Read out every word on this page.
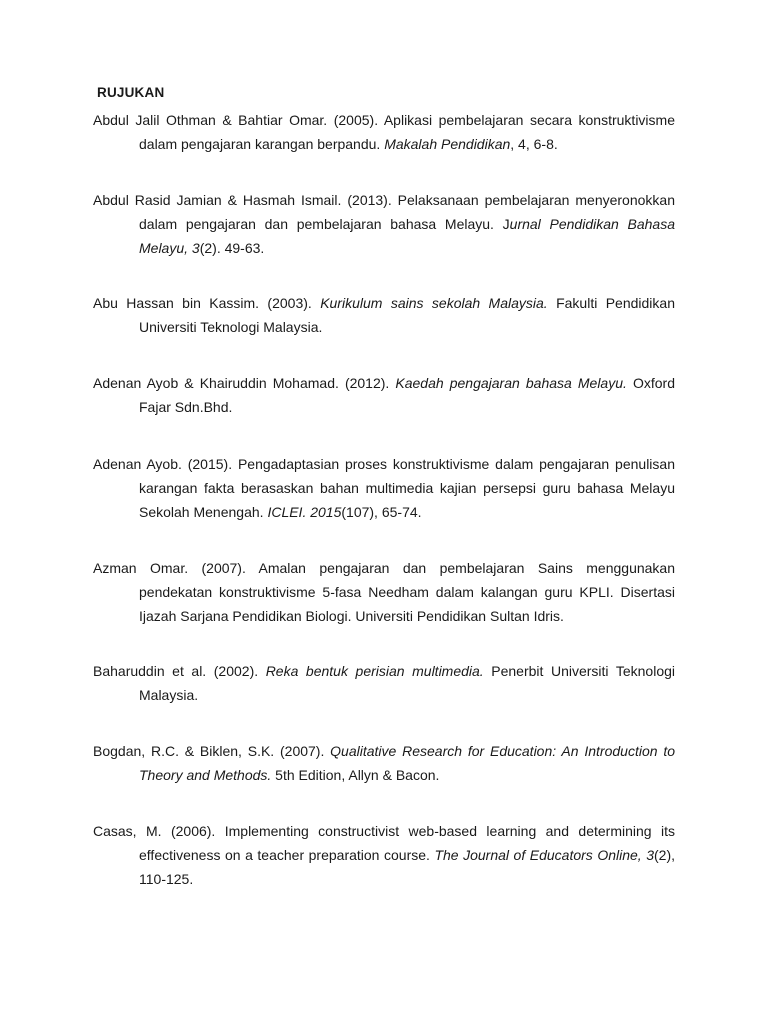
RUJUKAN

Abdul Jalil Othman & Bahtiar Omar. (2005). Aplikasi pembelajaran secara konstruktivisme dalam pengajaran karangan berpandu. Makalah Pendidikan, 4, 6-8.

Abdul Rasid Jamian & Hasmah Ismail. (2013). Pelaksanaan pembelajaran menyeronokkan dalam pengajaran dan pembelajaran bahasa Melayu. Jurnal Pendidikan Bahasa Melayu, 3(2). 49-63.

Abu Hassan bin Kassim. (2003). Kurikulum sains sekolah Malaysia. Fakulti Pendidikan Universiti Teknologi Malaysia.

Adenan Ayob & Khairuddin Mohamad. (2012). Kaedah pengajaran bahasa Melayu. Oxford Fajar Sdn.Bhd.

Adenan Ayob. (2015). Pengadaptasian proses konstruktivisme dalam pengajaran penulisan karangan fakta berasaskan bahan multimedia kajian persepsi guru bahasa Melayu Sekolah Menengah. ICLEI. 2015(107), 65-74.

Azman Omar. (2007). Amalan pengajaran dan pembelajaran Sains menggunakan pendekatan konstruktivisme 5-fasa Needham dalam kalangan guru KPLI. Disertasi Ijazah Sarjana Pendidikan Biologi. Universiti Pendidikan Sultan Idris.

Baharuddin et al. (2002). Reka bentuk perisian multimedia. Penerbit Universiti Teknologi Malaysia.

Bogdan, R.C. & Biklen, S.K. (2007). Qualitative Research for Education: An Introduction to Theory and Methods. 5th Edition, Allyn & Bacon.

Casas, M. (2006). Implementing constructivist web-based learning and determining its effectiveness on a teacher preparation course. The Journal of Educators Online, 3(2), 110-125.
